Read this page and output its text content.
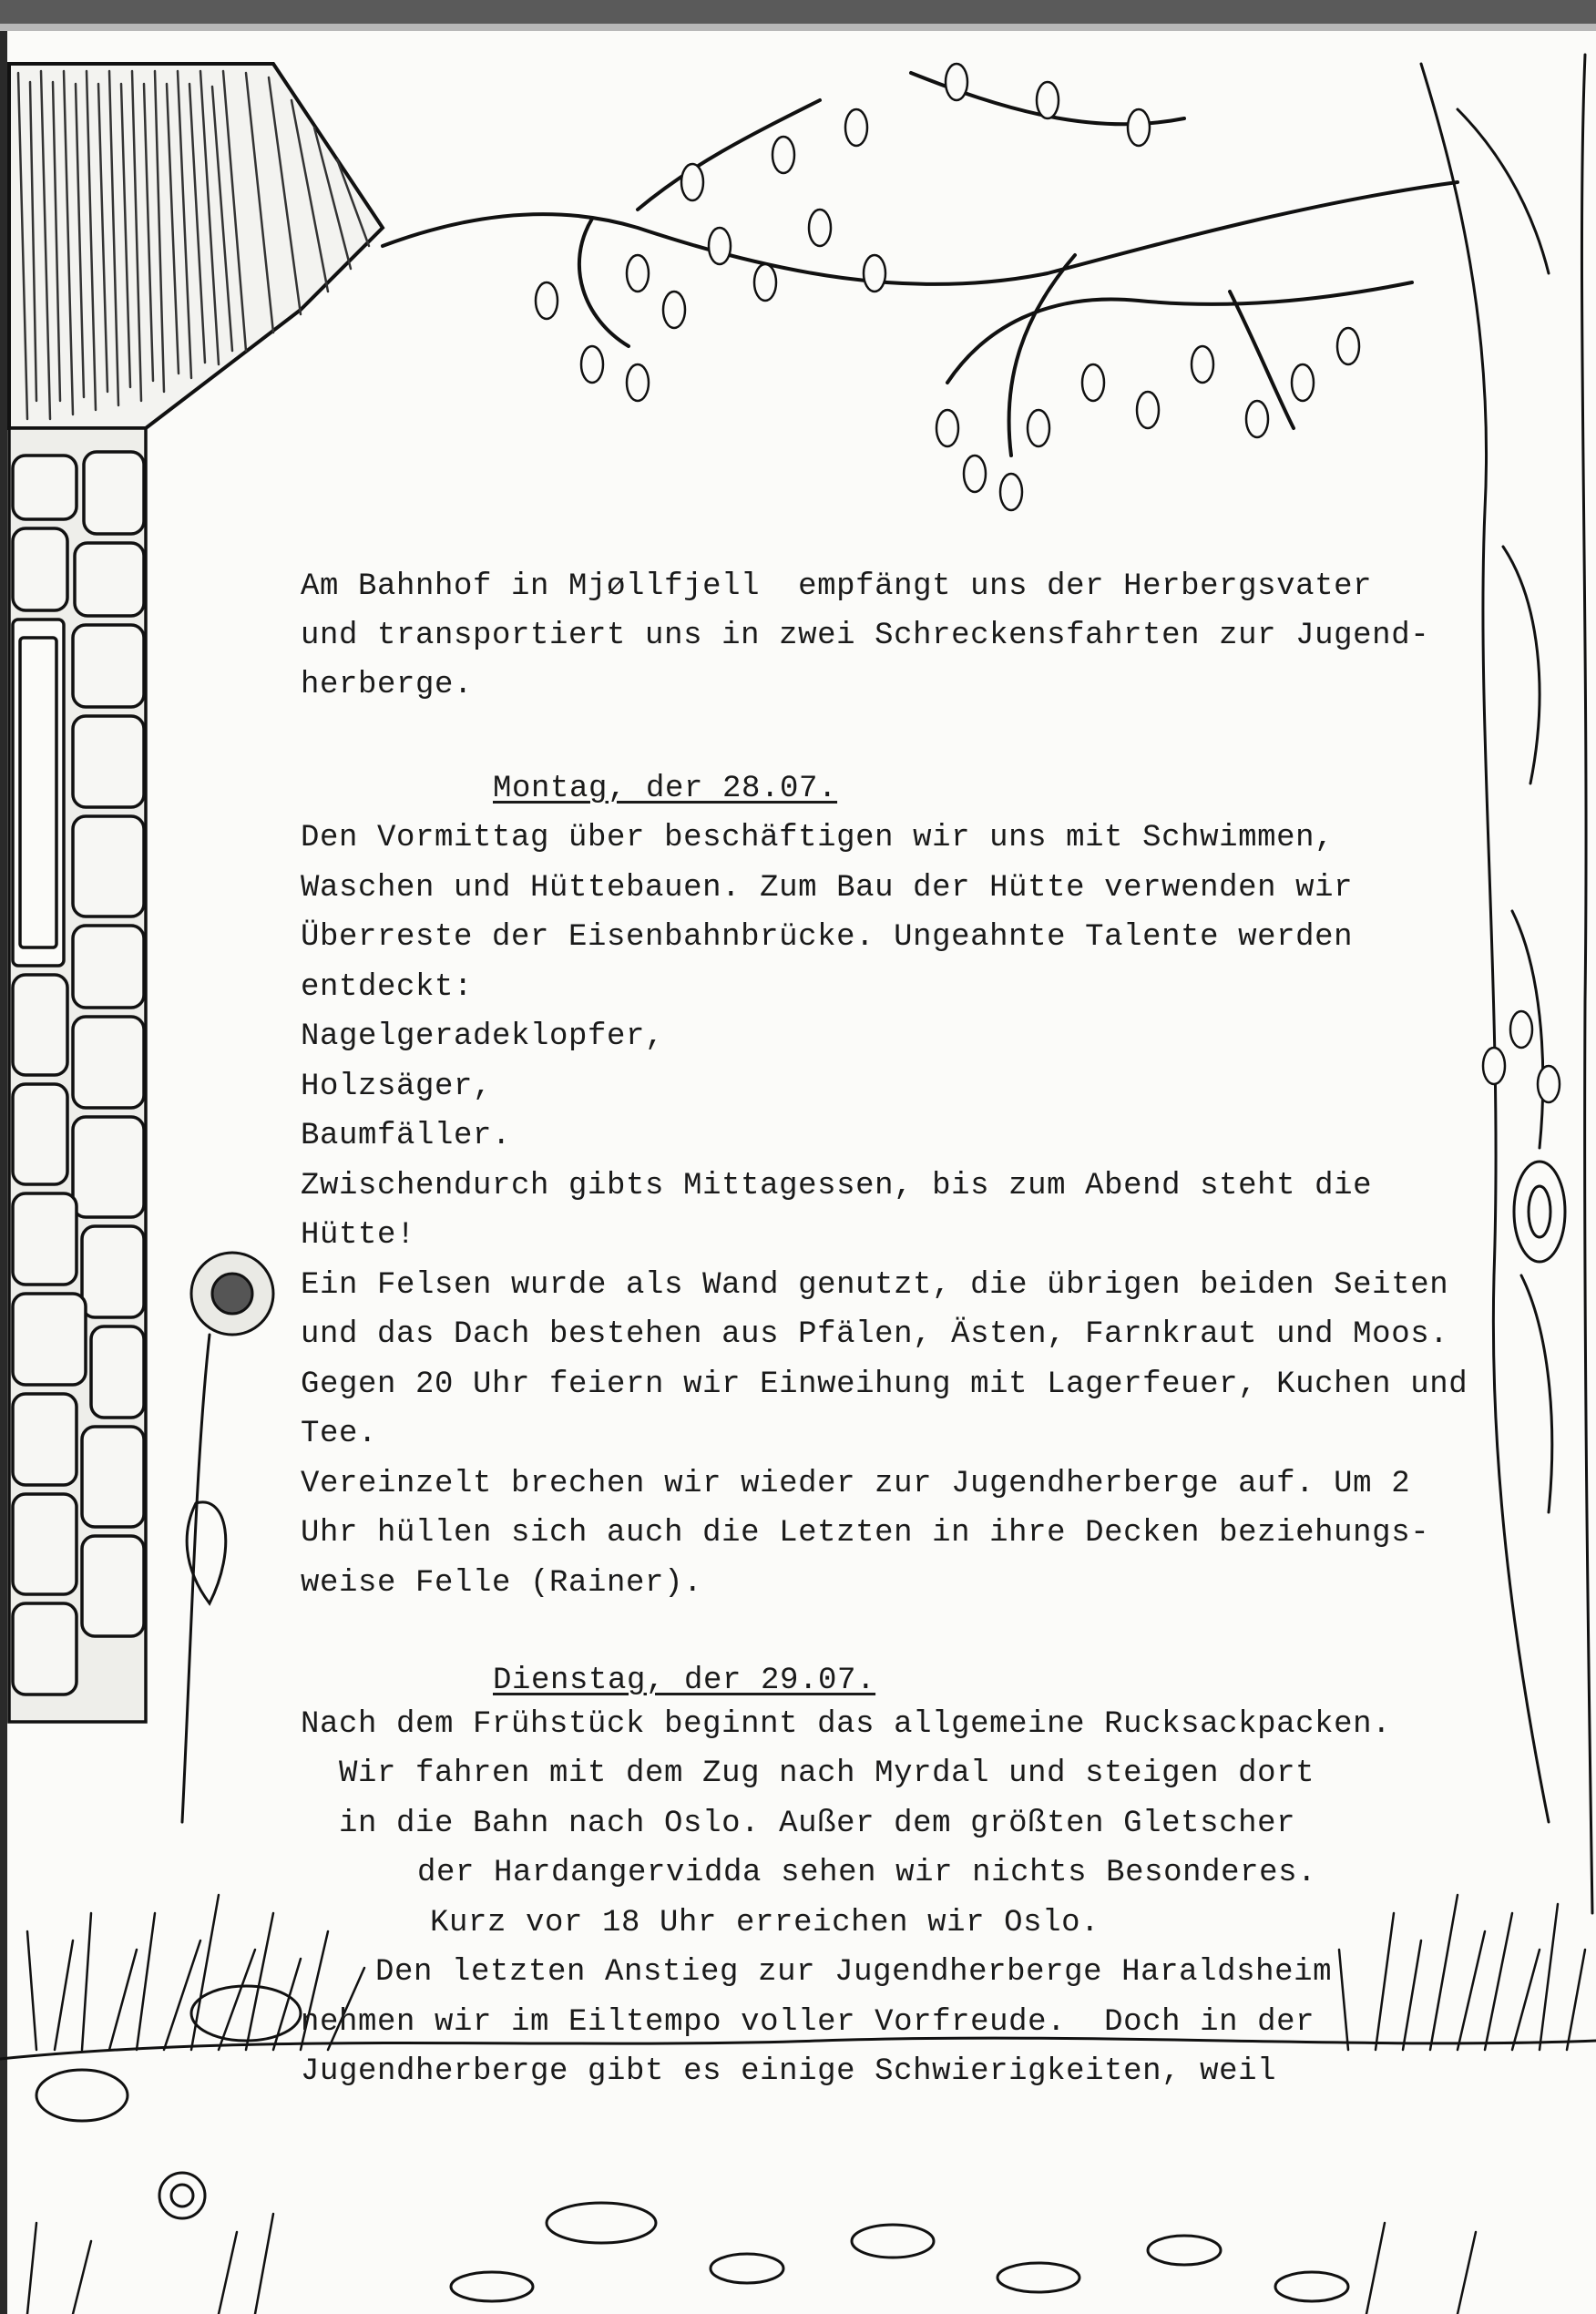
Am Bahnhof in Mjøllfjell  empfängt uns der Herbergsvater
und transportiert uns in zwei Schreckensfahrten zur Jugend-
herberge.
Montag, der 28.07.
Den Vormittag über beschäftigen wir uns mit Schwimmen,
Waschen und Hüttebauen. Zum Bau der Hütte verwenden wir
Überreste der Eisenbahnbrücke. Ungeahnte Talente werden
entdeckt:
Nagelgeradeklopfer,
Holzsäger,
Baumfäller.
Zwischendurch gibts Mittagessen, bis zum Abend steht die
Hütte!
Ein Felsen wurde als Wand genutzt, die übrigen beiden Seiten
und das Dach bestehen aus Pfälen, Ästen, Farnkraut und Moos.
Gegen 20 Uhr feiern wir Einweihung mit Lagerfeuer, Kuchen und
Tee.
Vereinzelt brechen wir wieder zur Jugendherberge auf. Um 2
Uhr hüllen sich auch die Letzten in ihre Decken beziehungs-
weise Felle (Rainer).
Dienstag, der 29.07.
Nach dem Frühstück beginnt das allgemeine Rucksackpacken.
Wir fahren mit dem Zug nach Myrdal und steigen dort
in die Bahn nach Oslo. Außer dem größten Gletscher
der Hardangervidda sehen wir nichts Besonderes.
Kurz vor 18 Uhr erreichen wir Oslo.
Den letzten Anstieg zur Jugendherberge Haraldsheim
nehmen wir im Eiltempo voller Vorfreude.  Doch in der
Jugendherberge gibt es einige Schwierigkeiten, weil
